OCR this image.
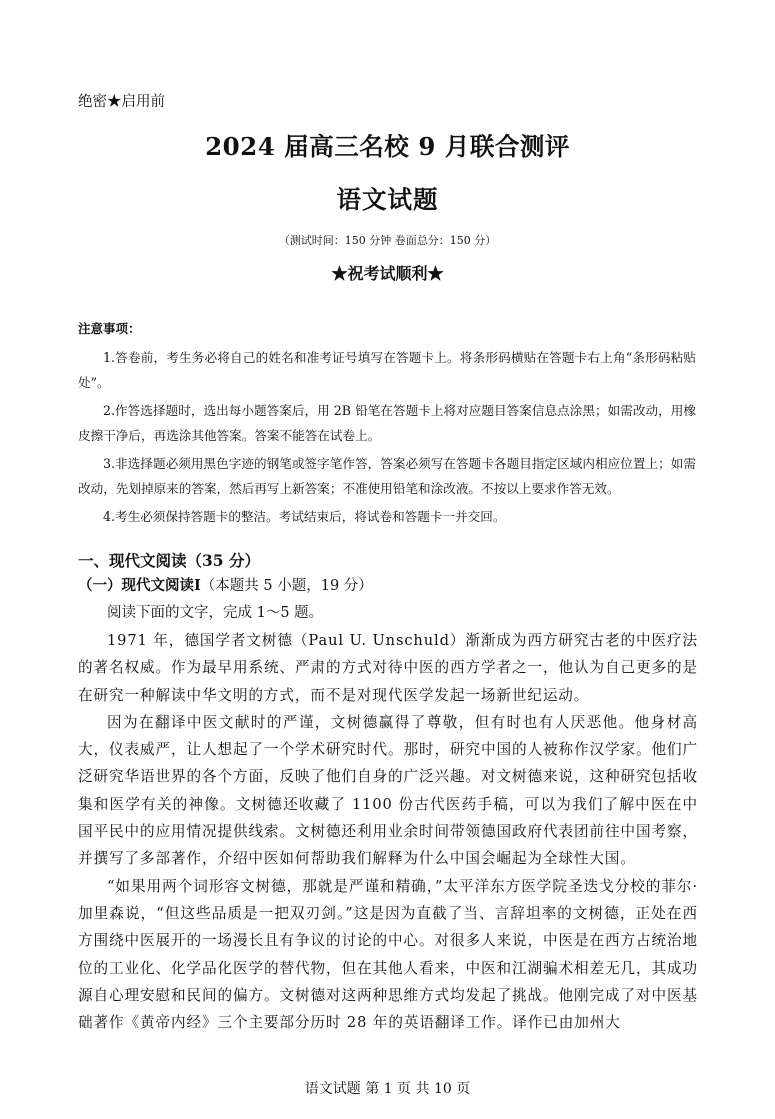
绝密★启用前
2024 届高三名校 9 月联合测评
语文试题
（测试时间：150 分钟 卷面总分：150 分）
★祝考试顺利★
注意事项：

1.答卷前，考生务必将自己的姓名和准考证号填写在答题卡上。将条形码横贴在答题卡右上角“条形码粘贴处”。

2.作答选择题时，选出每小题答案后，用 2B 铅笔在答题卡上将对应题目答案信息点涂黑；如需改动，用橡皮擦干净后，再选涂其他答案。答案不能答在试卷上。

3.非选择题必须用黑色字迹的钢笔或签字笔作答，答案必须写在答题卡各题目指定区域内相应位置上；如需改动，先划掉原来的答案，然后再写上新答案；不准使用铅笔和涂改液。不按以上要求作答无效。

4.考生必须保持答题卡的整洁。考试结束后，将试卷和答题卡一并交回。

一、现代文阅读（35 分）
（一）现代文阅读Ⅰ（本题共 5 小题，19 分）

阅读下面的文字，完成 1～5 题。

1971 年，德国学者文树德（Paul U. Unschuld）渐渐成为西方研究古老的中医疗法的著名权威。作为最早用系统、严肃的方式对待中医的西方学者之一，他认为自己更多的是在研究一种解读中华文明的方式，而不是对现代医学发起一场新世纪运动。

因为在翻译中医文献时的严谨，文树德赢得了尊敬，但有时也有人厌恶他。他身材高大，仪表威严，让人想起了一个学术研究时代。那时，研究中国的人被称作汉学家。他们广泛研究华语世界的各个方面，反映了他们自身的广泛兴趣。对文树德来说，这种研究包括收集和医学有关的神像。文树德还收藏了 1100 份古代医药手稿，可以为我们了解中医在中国平民中的应用情况提供线索。文树德还利用业余时间带领德国政府代表团前往中国考察，并撰写了多部著作，介绍中医如何帮助我们解释为什么中国会崛起为全球性大国。

“如果用两个词形容文树德，那就是严谨和精确，”太平洋东方医学院圣迭戈分校的菲尔·加里森说，“但这些品质是一把双刃剑。”这是因为直截了当、言辞坦率的文树德，正处在西方围绕中医展开的一场漫长且有争议的讨论的中心。对很多人来说，中医是在西方占统治地位的工业化、化学品化医学的替代物，但在其他人看来，中医和江湖骗术相差无几，其成功源自心理安慰和民间的偏方。文树德对这两种思维方式均发起了挑战。他刚完成了对中医基础著作《黄帝内经》三个主要部分历时 28 年的英语翻译工作。译作已由加州大

语文试题 第 1 页 共 10 页
